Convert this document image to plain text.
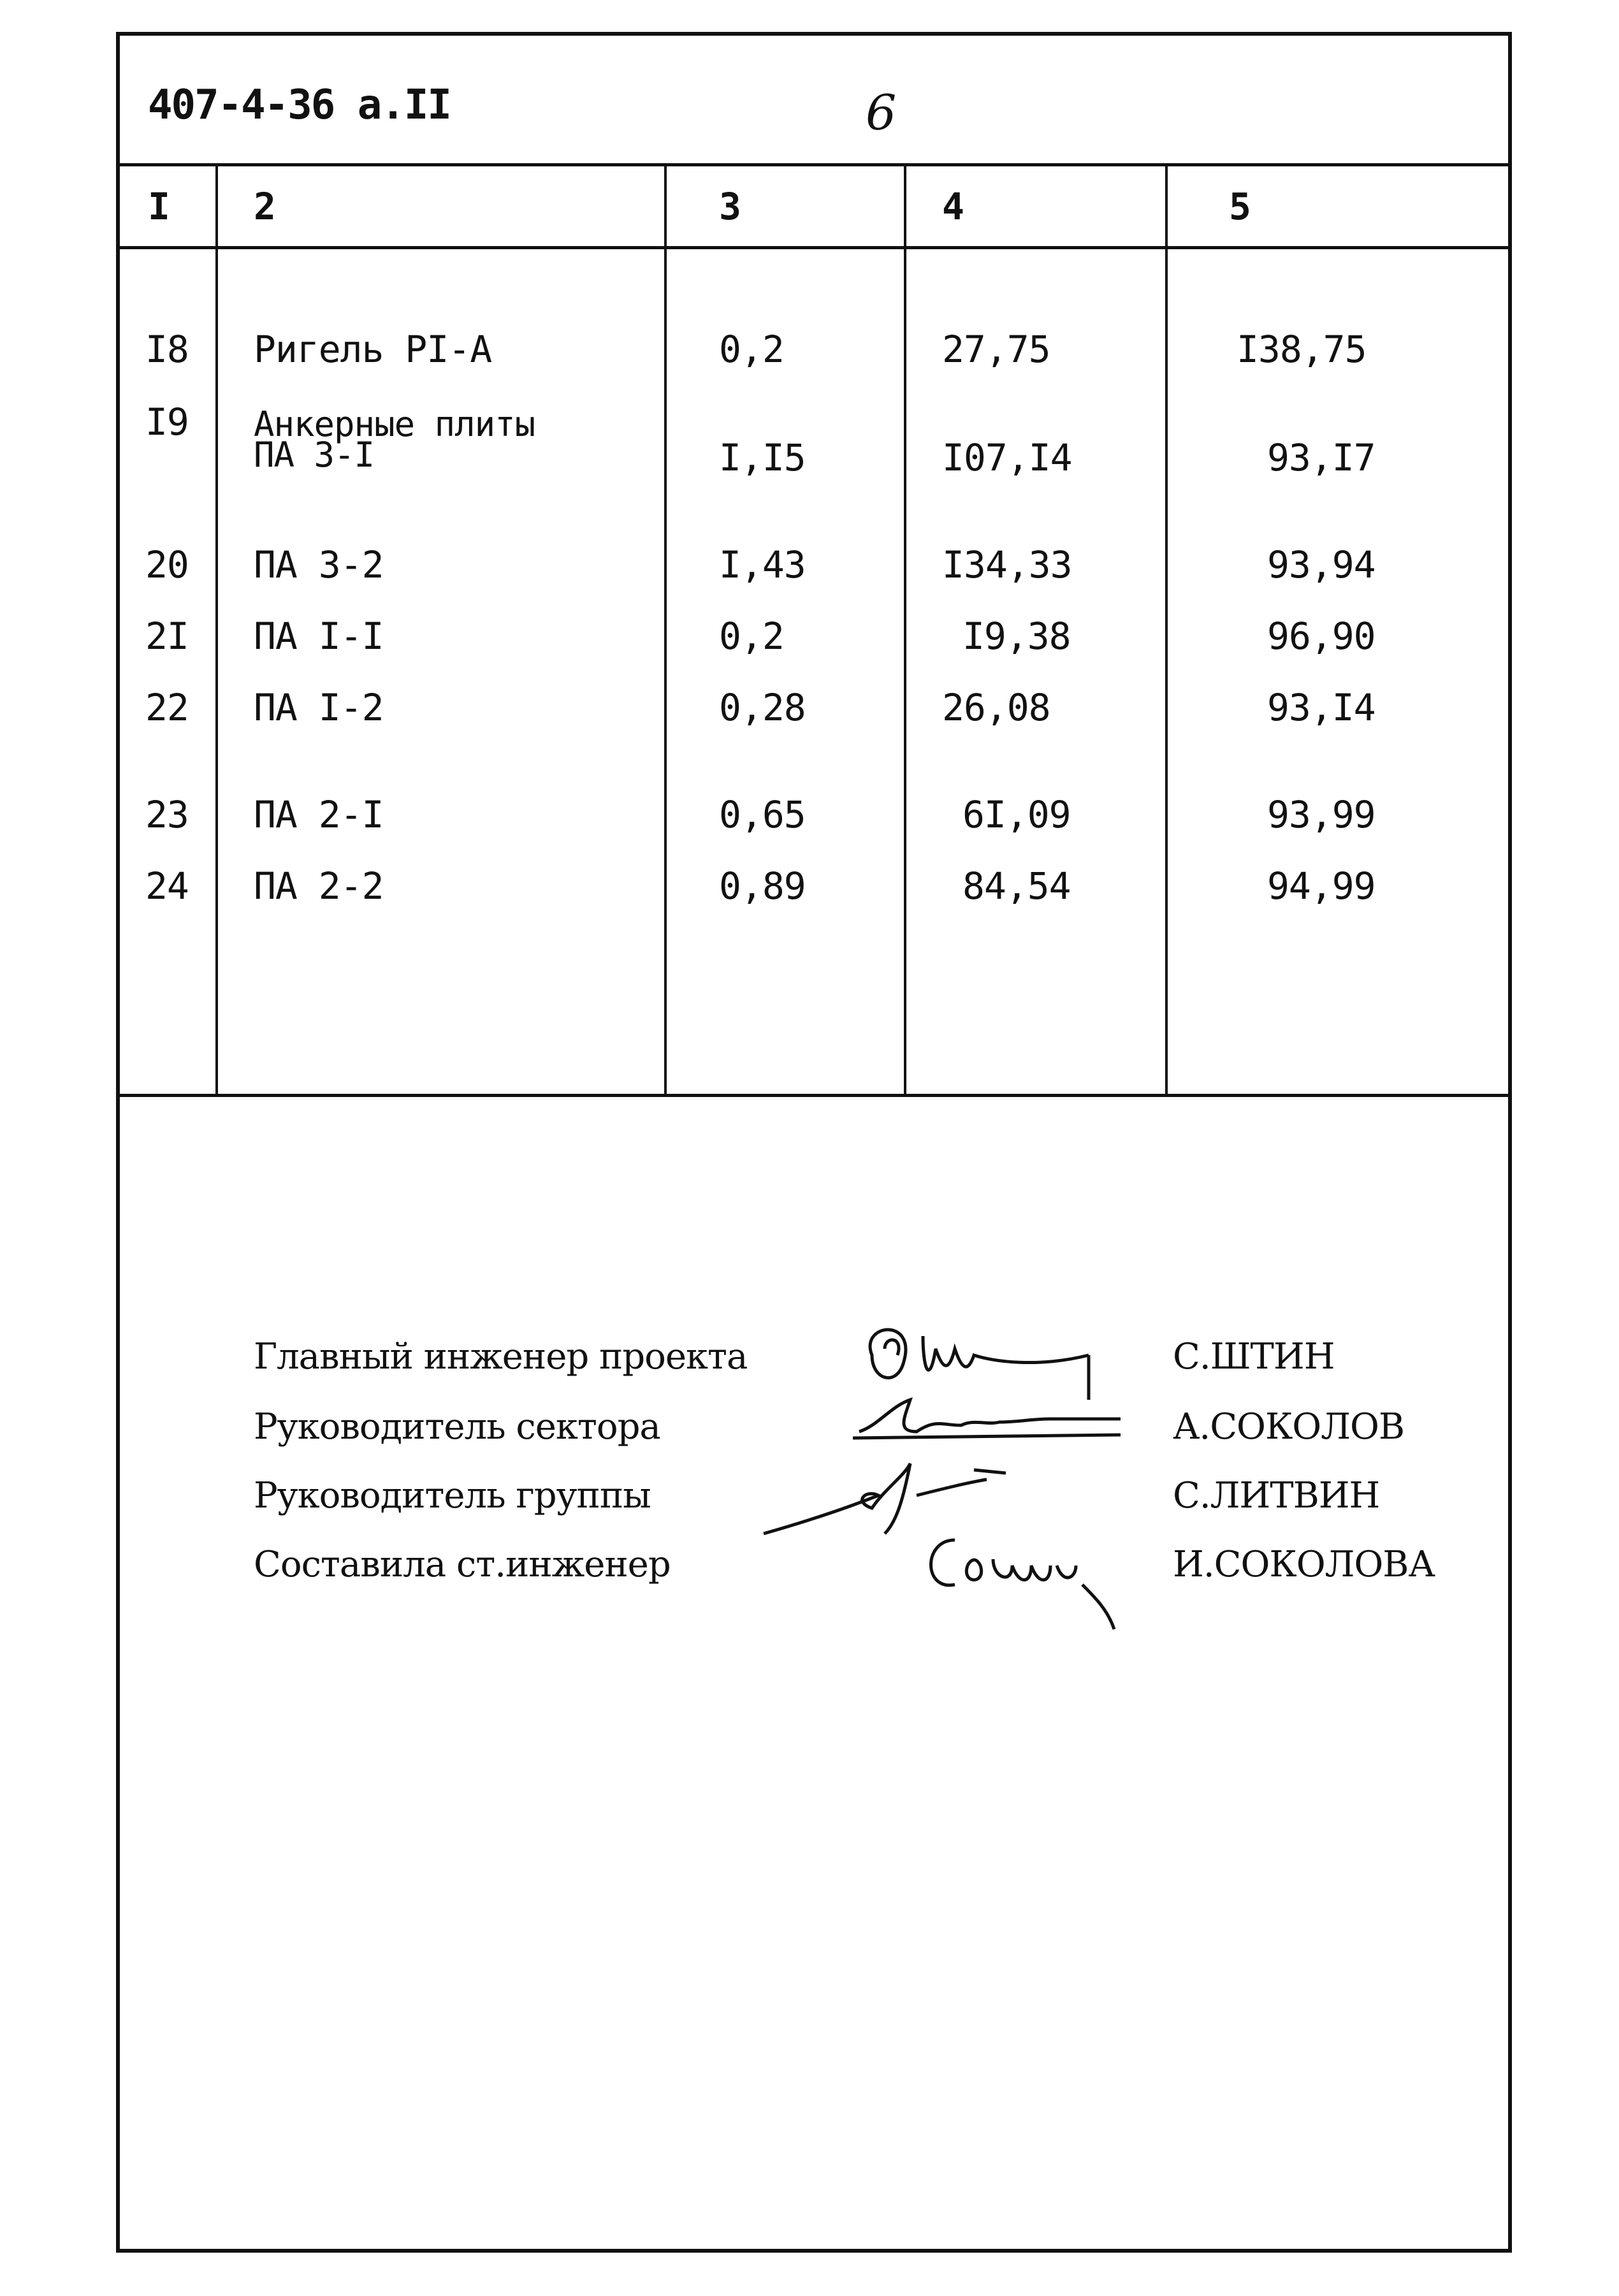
407-4-36 а.II	6
I 2	3	4	5
I8 Ригель PI-A	0,2	27,75	I38,75
I9 Анкерные плиты
ПА 3-I	I,I5	I07,I4	93,I7
20 ПА 3-2	I,43	I34,33	93,94
2I ПА I-I	0,2	I9,38	96,90
22 ПА I-2	0,28	26,08	93,I4
23 ПА 2-I	0,65	6I,09	93,99
24 ПА 2-2	0,89	84,54	94,99
Главный инженер проекта	С.ШТИН
Руководитель сектора	А.СОКОЛОВ
Руководитель группы	С.ЛИТВИН
Составила ст.инженер	И.СОКОЛОВА
